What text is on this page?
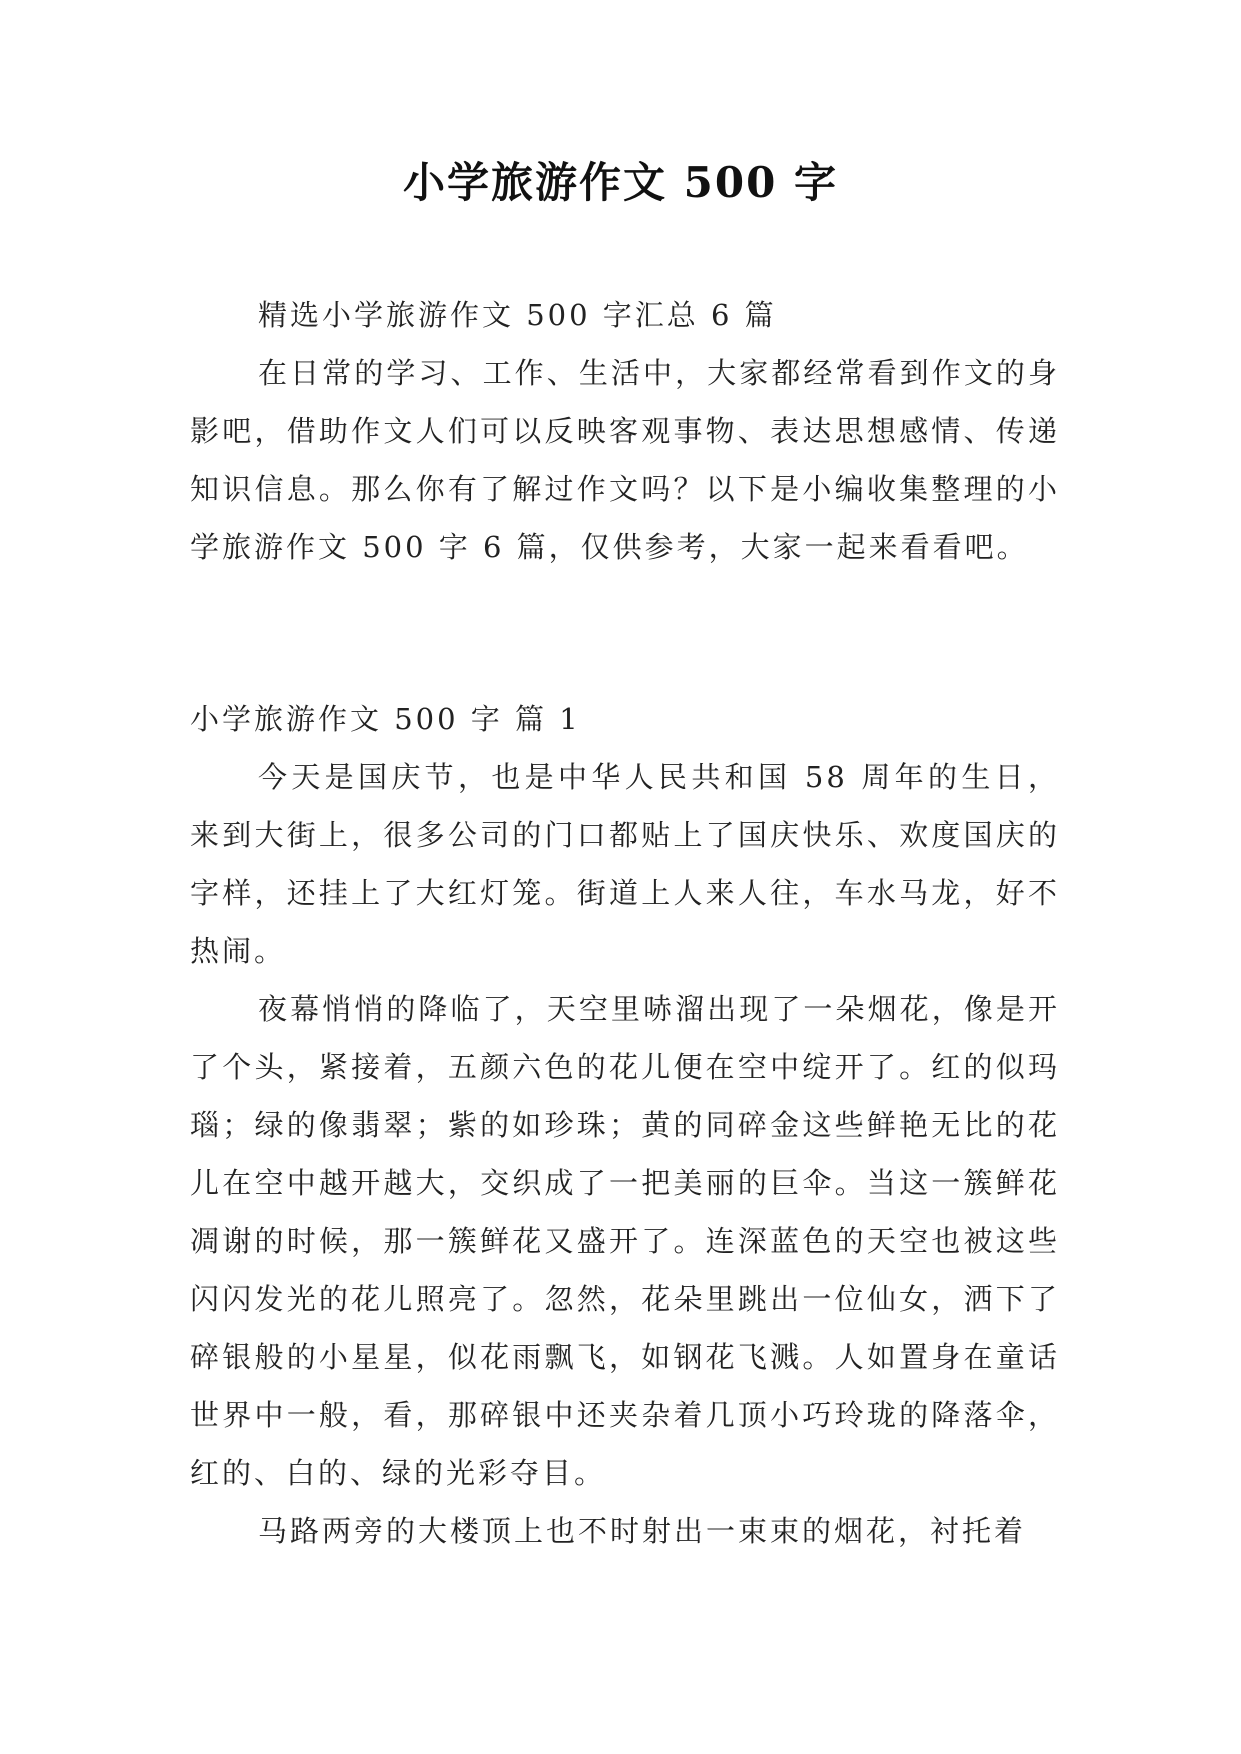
小学旅游作文 500 字

精选小学旅游作文 500 字汇总 6 篇

在日常的学习、工作、生活中，大家都经常看到作文的身影吧，借助作文人们可以反映客观事物、表达思想感情、传递知识信息。那么你有了解过作文吗？以下是小编收集整理的小学旅游作文 500 字 6 篇，仅供参考，大家一起来看看吧。

小学旅游作文 500 字 篇 1

今天是国庆节，也是中华人民共和国 58 周年的生日，来到大街上，很多公司的门口都贴上了国庆快乐、欢度国庆的字样，还挂上了大红灯笼。街道上人来人往，车水马龙，好不热闹。

夜幕悄悄的降临了，天空里哧溜出现了一朵烟花，像是开了个头，紧接着，五颜六色的花儿便在空中绽开了。红的似玛瑙；绿的像翡翠；紫的如珍珠；黄的同碎金这些鲜艳无比的花儿在空中越开越大，交织成了一把美丽的巨伞。当这一簇鲜花凋谢的时候，那一簇鲜花又盛开了。连深蓝色的天空也被这些闪闪发光的花儿照亮了。忽然，花朵里跳出一位仙女，洒下了碎银般的小星星，似花雨飘飞，如钢花飞溅。人如置身在童话世界中一般，看，那碎银中还夹杂着几顶小巧玲珑的降落伞，红的、白的、绿的光彩夺目。

马路两旁的大楼顶上也不时射出一束束的烟花，衬托着
